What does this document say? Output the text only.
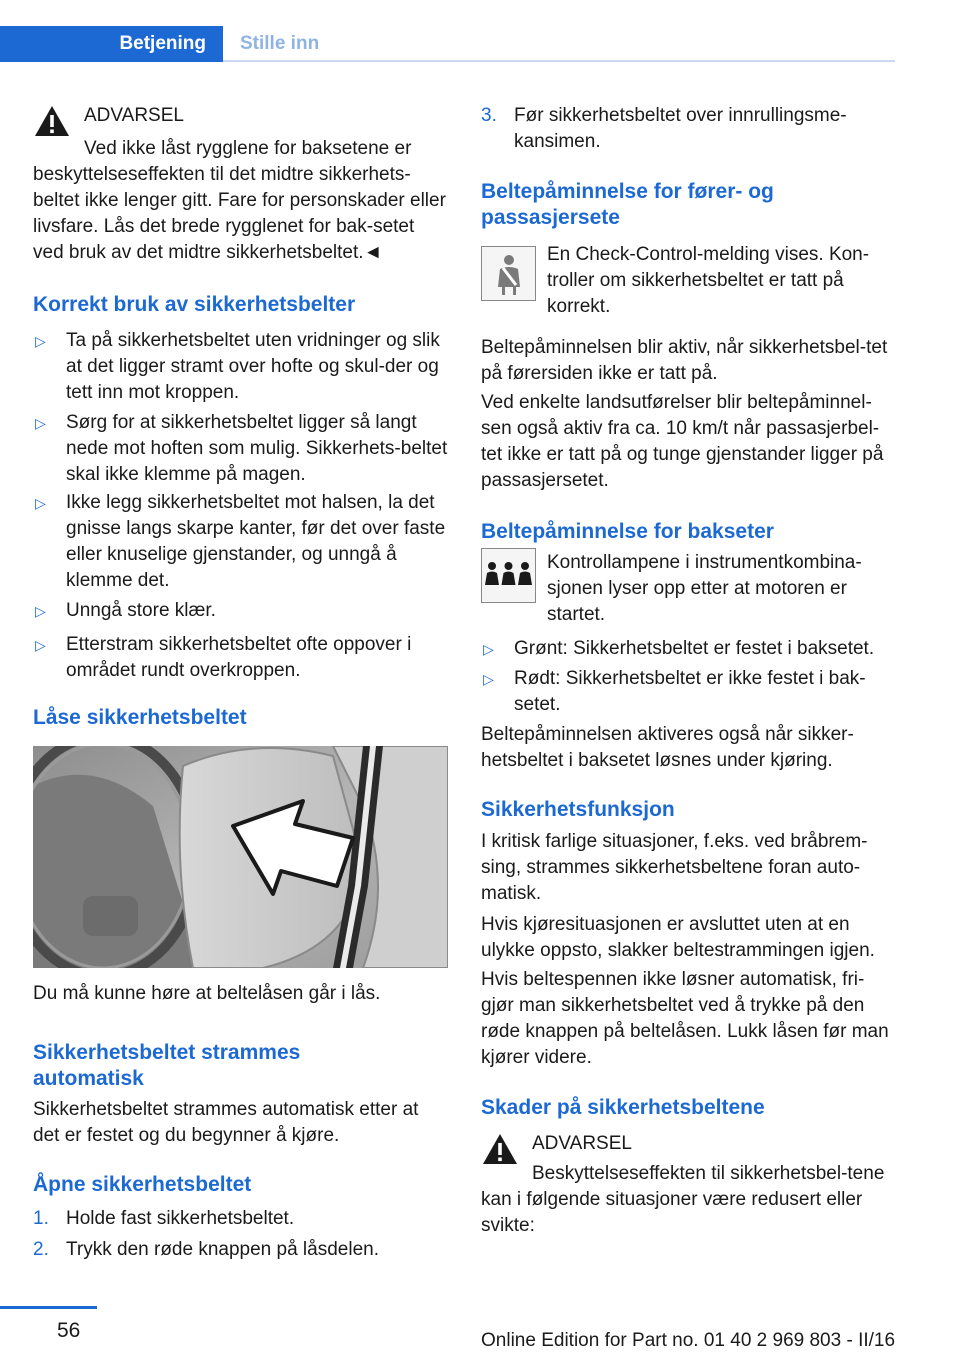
Betjening	Stille inn
ADVARSEL
Ved ikke låst rygglene for baksetene er beskyttelseseffekten til det midtre sikkerhets-beltet ikke lenger gitt. Fare for personskader eller livsfare. Lås det brede rygglenet for bak-setet ved bruk av det midtre sikkerhetsbeltet.◄
Korrekt bruk av sikkerhetsbelter
▷ Ta på sikkerhetsbeltet uten vridninger og slik at det ligger stramt over hofte og skul-der og tett inn mot kroppen.
▷ Sørg for at sikkerhetsbeltet ligger så langt nede mot hoften som mulig. Sikkerhets-beltet skal ikke klemme på magen.
▷ Ikke legg sikkerhetsbeltet mot halsen, la det gnisse langs skarpe kanter, før det over faste eller knuselige gjenstander, og unngå å klemme det.
▷ Unngå store klær.
▷ Etterstram sikkerhetsbeltet ofte oppover i området rundt overkroppen.
Låse sikkerhetsbeltet
Du må kunne høre at beltelåsen går i lås.
Sikkerhetsbeltet strammes
automatisk
Sikkerhetsbeltet strammes automatisk etter at det er festet og du begynner å kjøre.
Åpne sikkerhetsbeltet
1. Holde fast sikkerhetsbeltet.
2. Trykk den røde knappen på låsdelen.
3. Før sikkerhetsbeltet over innrullingsme-kansimen.
Beltepåminnelse for fører- og passasjersete
En Check-Control-melding vises. Kon-troller om sikkerhetsbeltet er tatt på korrekt.
Beltepåminnelsen blir aktiv, når sikkerhetsbel-tet på førersiden ikke er tatt på.
Ved enkelte landsutførelser blir beltepåminnel-sen også aktiv fra ca. 10 km/t når passasjerbel-tet ikke er tatt på og tunge gjenstander ligger på passasjersetet.
Beltepåminnelse for bakseter
Kontrollampene i instrumentkombina-sjonen lyser opp etter at motoren er startet.
▷ Grønt: Sikkerhetsbeltet er festet i baksetet.
▷ Rødt: Sikkerhetsbeltet er ikke festet i bak-setet.
Beltepåminnelsen aktiveres også når sikker-hetsbeltet i baksetet løsnes under kjøring.
Sikkerhetsfunksjon
I kritisk farlige situasjoner, f.eks. ved bråbrem-sing, strammes sikkerhetsbeltene foran auto-matisk.
Hvis kjøresituasjonen er avsluttet uten at en ulykke oppsto, slakker beltestrammingen igjen.
Hvis beltespennen ikke løsner automatisk, fri-gjør man sikkerhetsbeltet ved å trykke på den røde knappen på beltelåsen. Lukk låsen før man kjører videre.
Skader på sikkerhetsbeltene
ADVARSEL
Beskyttelseseffekten til sikkerhetsbel-tene kan i følgende situasjoner være redusert eller svikte:
56	Online Edition for Part no. 01 40 2 969 803 - II/16
